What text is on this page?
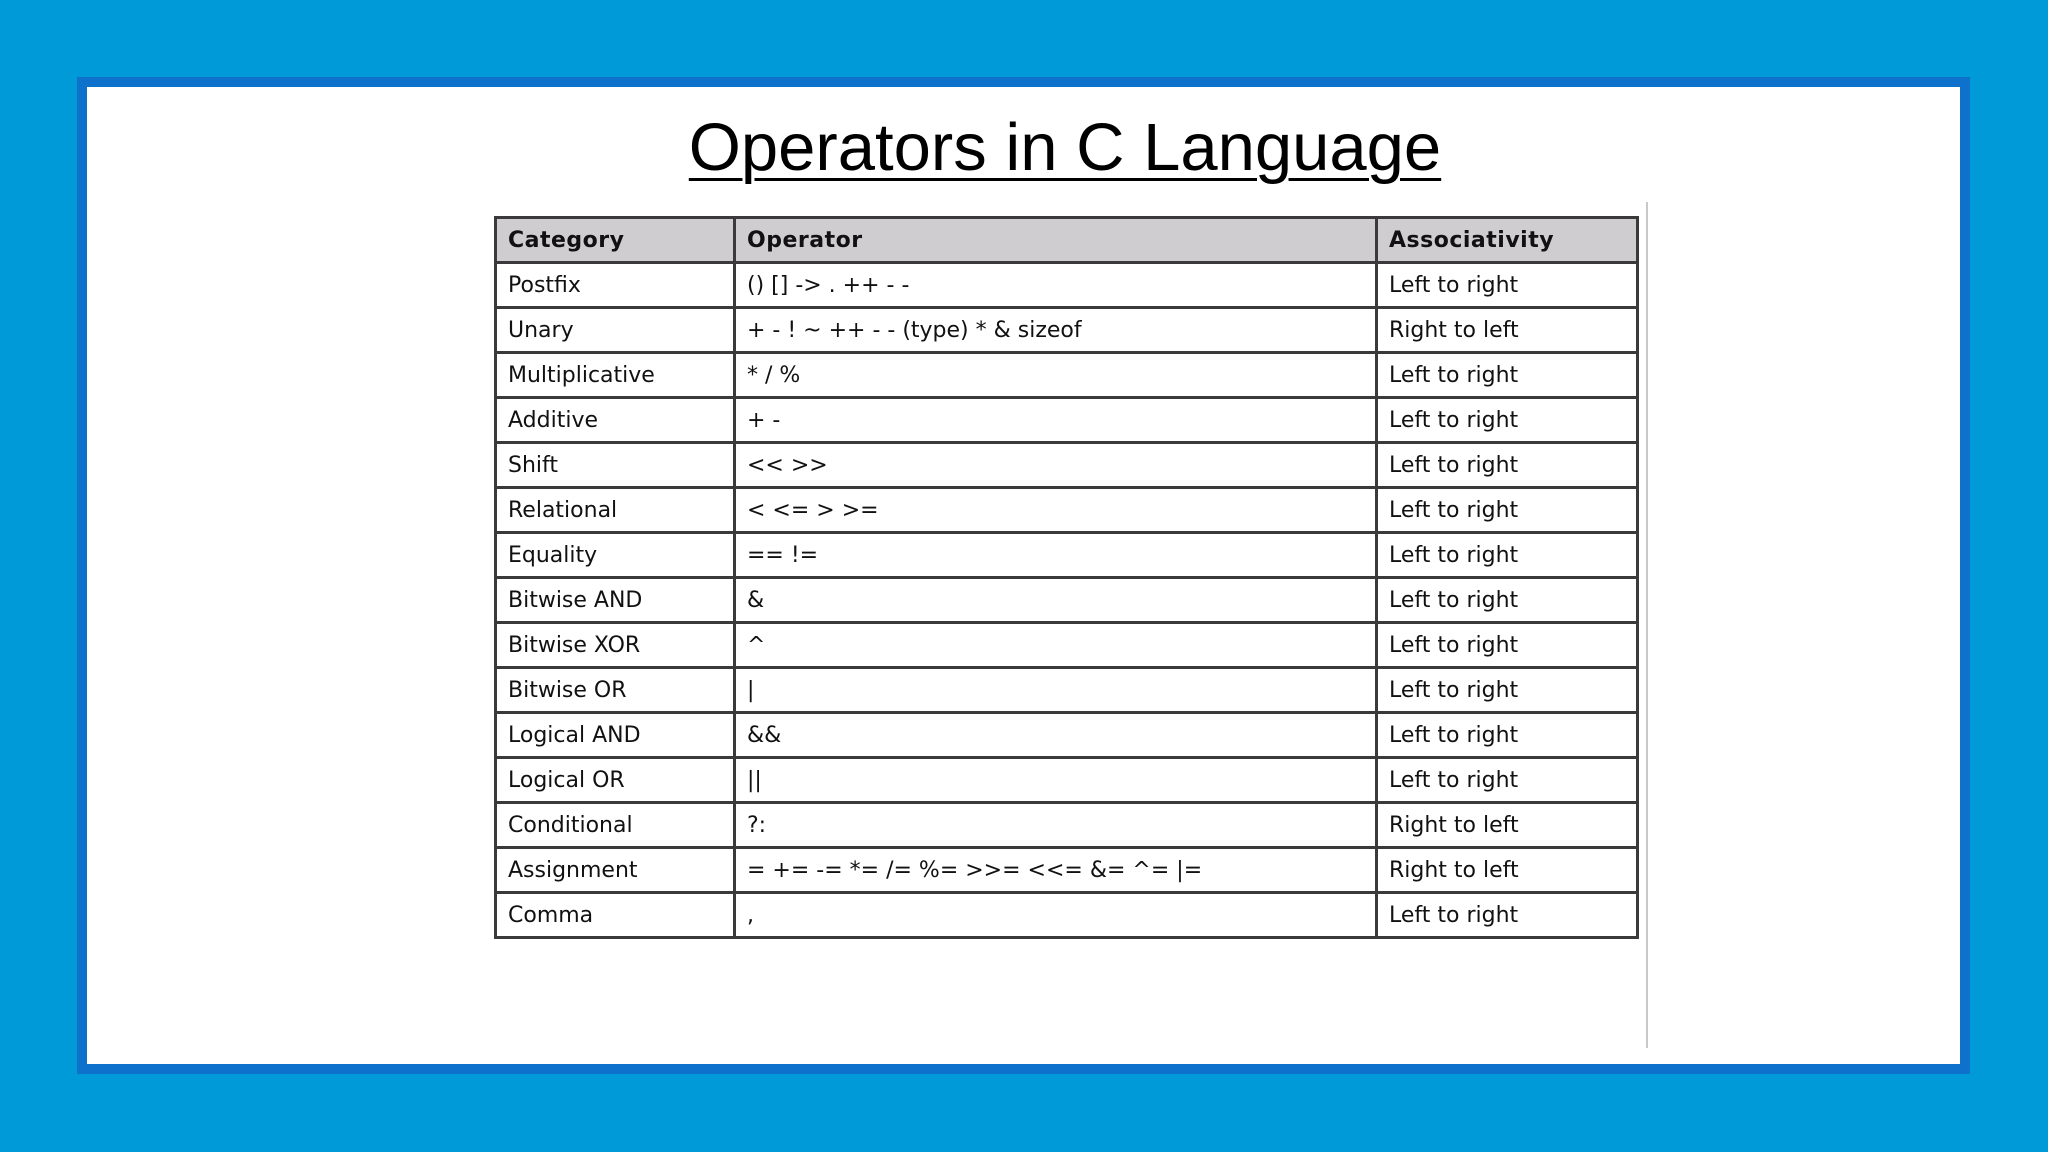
Operators in C Language
Category	Operator	Associativity
Postfix	() [] -> . ++ - -	Left to right
Unary	+ - ! ~ ++ - - (type) * & sizeof	Right to left
Multiplicative	* / %	Left to right
Additive	+ -	Left to right
Shift	<< >>	Left to right
Relational	< <= > >=	Left to right
Equality	== !=	Left to right
Bitwise AND	&	Left to right
Bitwise XOR	^	Left to right
Bitwise OR	|	Left to right
Logical AND	&&	Left to right
Logical OR	||	Left to right
Conditional	?:	Right to left
Assignment	= += -= *= /= %= >>= <<= &= ^= |=	Right to left
Comma	,	Left to right
